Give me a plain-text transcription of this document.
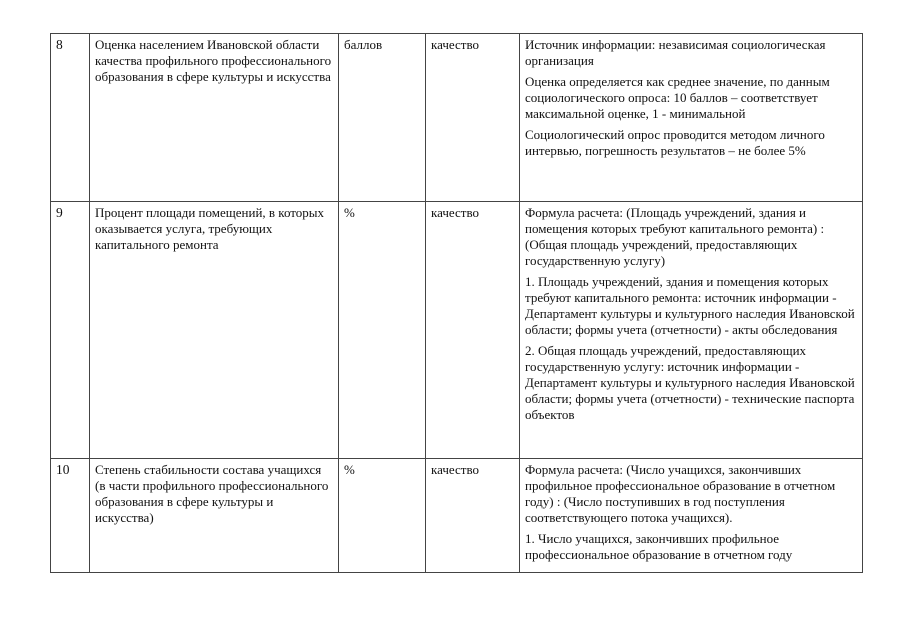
8	Оценка населением Ивановской области качества профильного профессионального образования в сфере культуры и искусства	баллов	качество	Источник информации: независимая социологическая организация
Оценка определяется как среднее значение, по данным социологического опроса: 10 баллов – соответствует максимальной оценке, 1 - минимальной
Социологический опрос проводится методом личного интервью, погрешность результатов – не более 5%

9	Процент площади помещений, в которых оказывается услуга, требующих капитального ремонта	%	качество	Формула расчета: (Площадь учреждений, здания и помещения которых требуют капитального ремонта) : (Общая площадь учреждений, предоставляющих государственную услугу)
1. Площадь учреждений, здания и помещения которых требуют капитального ремонта: источник информации - Департамент культуры и культурного наследия Ивановской области; формы учета (отчетности) - акты обследования
2. Общая площадь учреждений, предоставляющих государственную услугу: источник информации - Департамент культуры и культурного наследия Ивановской области; формы учета (отчетности) - технические паспорта объектов

10	Степень стабильности состава учащихся (в части профильного профессионального образования в сфере культуры и искусства)	%	качество	Формула расчета: (Число учащихся, закончивших профильное профессиональное образование в отчетном году) : (Число поступивших в год поступления соответствующего потока учащихся).
1. Число учащихся, закончивших профильное профессиональное образование в отчетном году
